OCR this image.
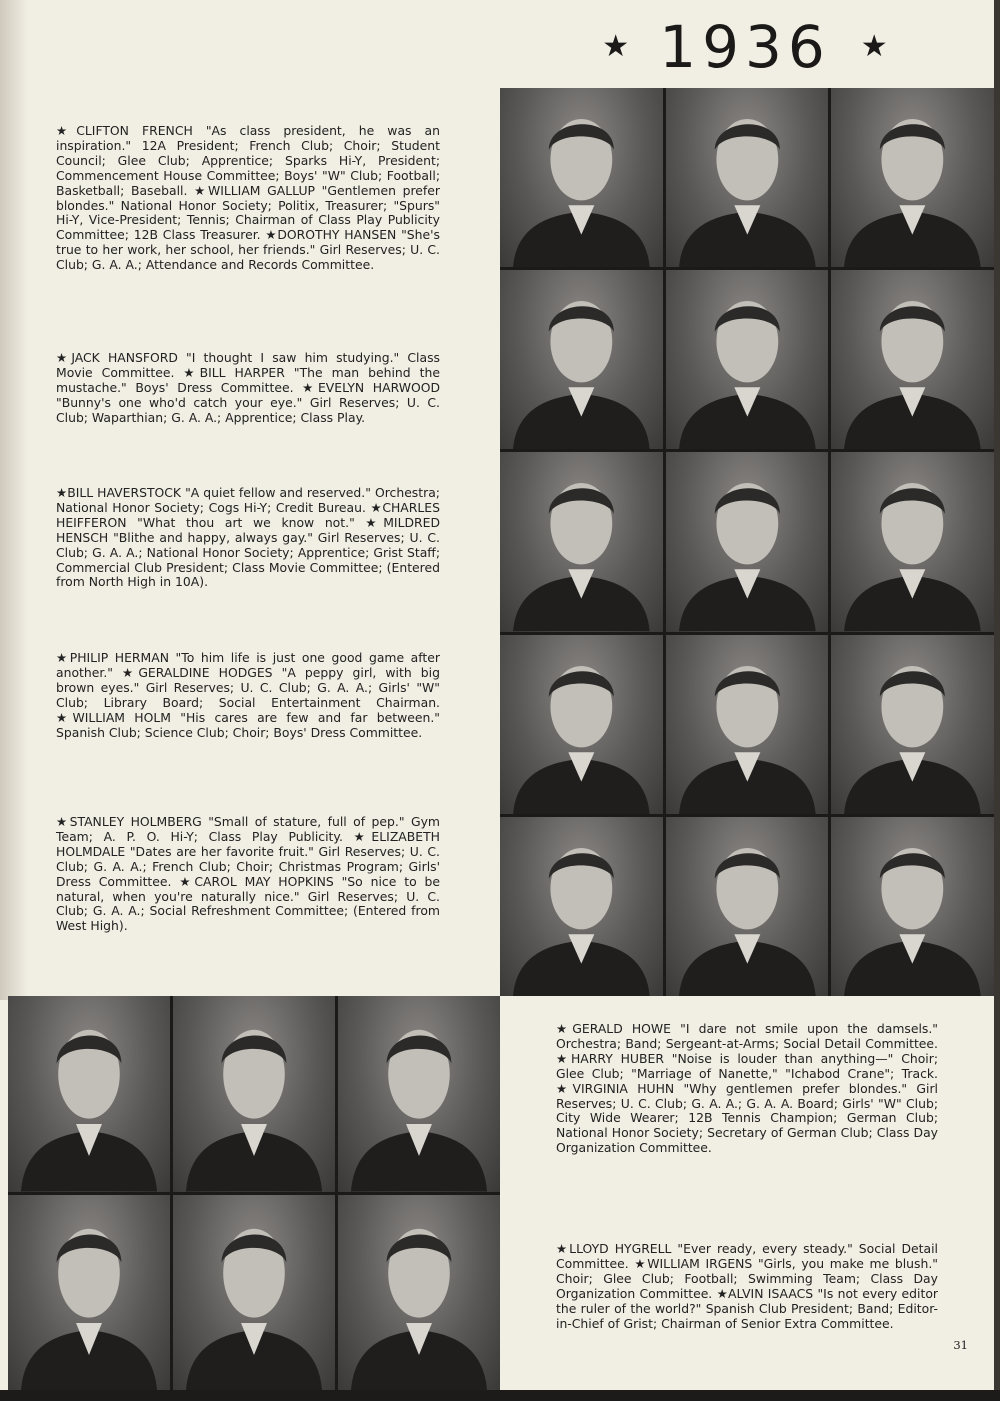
★ 1936 ★
★CLIFTON FRENCH "As class president, he was an inspiration." 12A President; French Club; Choir; Student Council; Glee Club; Apprentice; Sparks Hi-Y, President; Commencement House Committee; Boys' "W" Club; Football; Basketball; Baseball. ★WILLIAM GALLUP "Gentlemen prefer blondes." National Honor Society; Politix, Treasurer; "Spurs" Hi-Y, Vice-President; Tennis; Chairman of Class Play Publicity Committee; 12B Class Treasurer. ★DOROTHY HANSEN "She's true to her work, her school, her friends." Girl Reserves; U. C. Club; G. A. A.; Attendance and Records Committee.
★JACK HANSFORD "I thought I saw him studying." Class Movie Committee. ★BILL HARPER "The man behind the mustache." Boys' Dress Committee. ★EVELYN HARWOOD "Bunny's one who'd catch your eye." Girl Reserves; U. C. Club; Waparthian; G. A. A.; Apprentice; Class Play.
★BILL HAVERSTOCK "A quiet fellow and reserved." Orchestra; National Honor Society; Cogs Hi-Y; Credit Bureau. ★CHARLES HEIFFERON "What thou art we know not." ★MILDRED HENSCH "Blithe and happy, always gay." Girl Reserves; U. C. Club; G. A. A.; National Honor Society; Apprentice; Grist Staff; Commercial Club President; Class Movie Committee; (Entered from North High in 10A).
★PHILIP HERMAN "To him life is just one good game after another." ★GERALDINE HODGES "A peppy girl, with big brown eyes." Girl Reserves; U. C. Club; G. A. A.; Girls' "W" Club; Library Board; Social Entertainment Chairman. ★WILLIAM HOLM "His cares are few and far between." Spanish Club; Science Club; Choir; Boys' Dress Committee.
★STANLEY HOLMBERG "Small of stature, full of pep." Gym Team; A. P. O. Hi-Y; Class Play Publicity. ★ELIZABETH HOLMDALE "Dates are her favorite fruit." Girl Reserves; U. C. Club; G. A. A.; French Club; Choir; Christmas Program; Girls' Dress Committee. ★CAROL MAY HOPKINS "So nice to be natural, when you're naturally nice." Girl Reserves; U. C. Club; G. A. A.; Social Refreshment Committee; (Entered from West High).
★GERALD HOWE "I dare not smile upon the damsels." Orchestra; Band; Sergeant-at-Arms; Social Detail Committee. ★HARRY HUBER "Noise is louder than anything—" Choir; Glee Club; "Marriage of Nanette," "Ichabod Crane"; Track. ★VIRGINIA HUHN "Why gentlemen prefer blondes." Girl Reserves; U. C. Club; G. A. A.; G. A. A. Board; Girls' "W" Club; City Wide Wearer; 12B Tennis Champion; German Club; National Honor Society; Secretary of German Club; Class Day Organization Committee.
★LLOYD HYGRELL "Ever ready, every steady." Social Detail Committee. ★WILLIAM IRGENS "Girls, you make me blush." Choir; Glee Club; Football; Swimming Team; Class Day Organization Committee. ★ALVIN ISAACS "Is not every editor the ruler of the world?" Spanish Club President; Band; Editor-in-Chief of Grist; Chairman of Senior Extra Committee.
31
